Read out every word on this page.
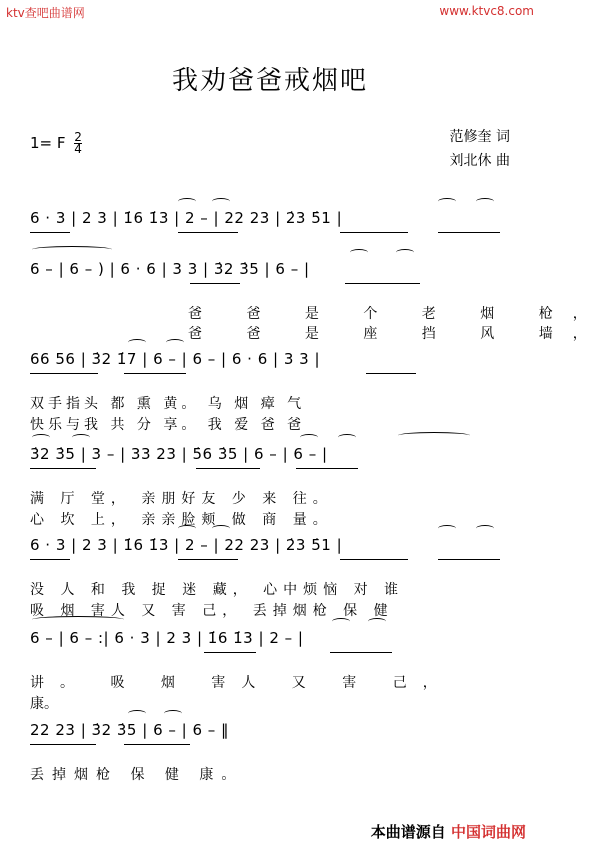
ktv查吧曲谱网	www.ktvc8.com
我劝爸爸戒烟吧
1= F $\frac{2}{4}$	范修奎 词
刘北休 曲
6 · 3 | 2 3 | 1̇6 1̇3 | 2 – | 22 23 | 2̇3 5̇1 |
6 – | 6 – ) | 6 · 6 | 3 3 | 3̇2 3̇5 | 6 – |

爸 爸 是 个 老 烟 枪，

爸 爸 是 座 挡 风 墙，

66 56 | 3̇2 1̇7 | 6 – | 6 – | 6 · 6 | 3 3 |

双手指头 都 熏 黄。 乌 烟 瘴 气

快乐与我 共 分 享。 我 爱 爸 爸

3̇2 3̇5 | 3 – | 33 23 | 5̇6 3̇5 | 6 – | 6 – |

满 厅 堂， 亲朋好友 少 来 往。

心 坎 上， 亲亲脸颊 做 商 量。

6 · 3 | 2 3 | 1̇6 1̇3 | 2 – | 22 23 | 2̇3 5̇1 |

没 人 和 我 捉 迷 藏， 心中烦恼 对 谁

吸 烟 害人 又 害 己， 丢掉烟枪 保 健

6 – | 6 – :| 6 · 3 | 2 3 | 1̇6 1̇3 | 2 – |

讲。 吸 烟 害人 又 害 己，

康。

22 23 | 3̇2 3̇5 | 6 – | 6 – ‖

丢掉烟枪 保 健 康。

本曲谱源自 中国词曲网
